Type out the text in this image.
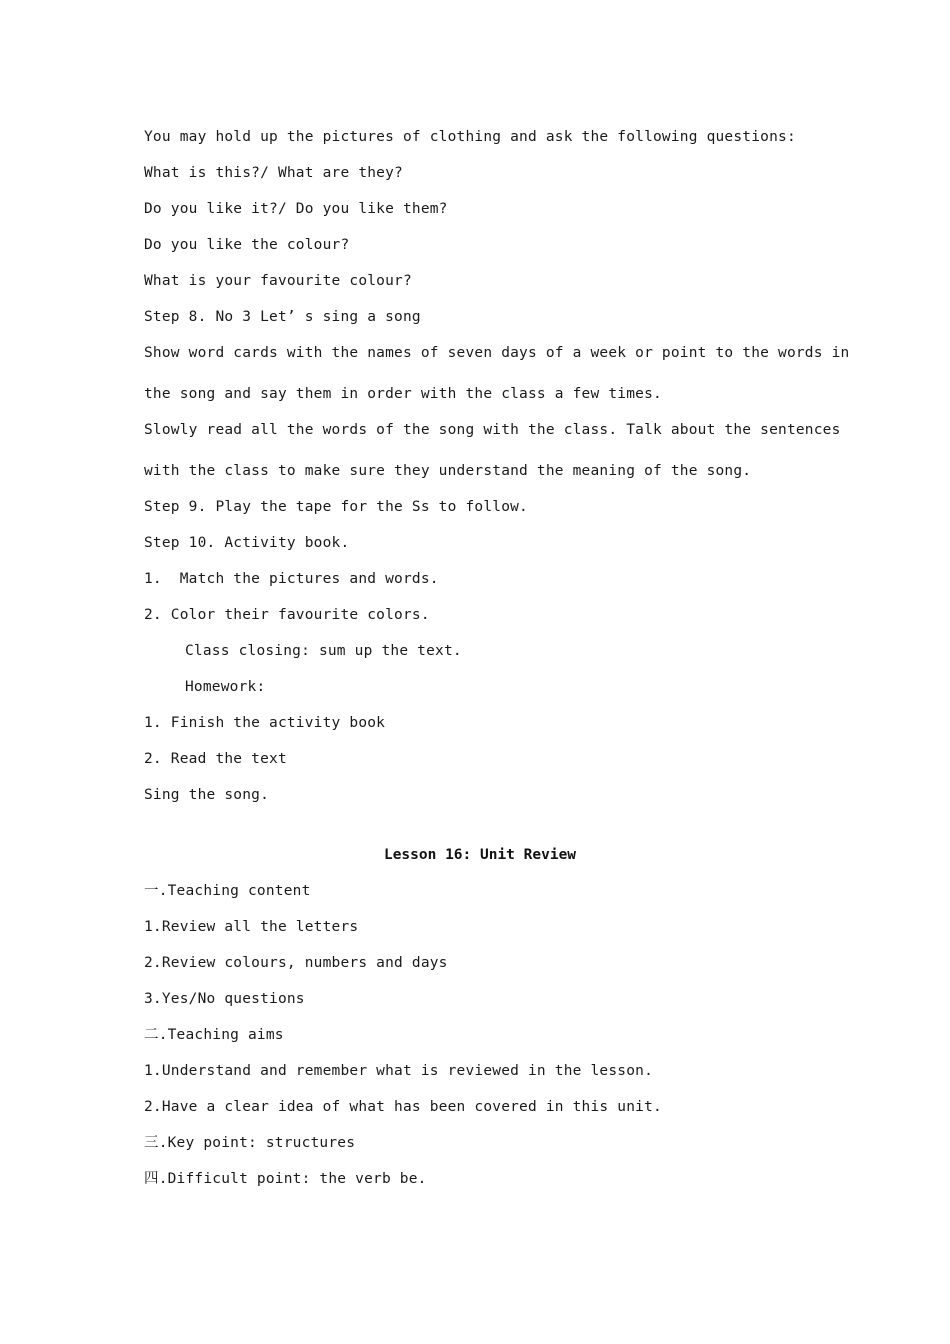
You may hold up the pictures of clothing and ask the following questions:
What is this?/ What are they?
Do you like it?/ Do you like them?
Do you like the colour?
What is your favourite colour?
Step 8. No 3 Let’ s sing a song
Show word cards with the names of seven days of a week or point to the words in
the song and say them in order with the class a few times.
Slowly read all the words of the song with the class. Talk about the sentences
with the class to make sure they understand the meaning of the song.
Step 9. Play the tape for the Ss to follow.
Step 10. Activity book.
1.  Match the pictures and words.
2. Color their favourite colors.
Class closing: sum up the text.
Homework:
1. Finish the activity book
2. Read the text
Sing the song.
Lesson 16: Unit Review
一.Teaching content
1.Review all the letters
2.Review colours, numbers and days
3.Yes/No questions
二.Teaching aims
1.Understand and remember what is reviewed in the lesson.
2.Have a clear idea of what has been covered in this unit.
三.Key point: structures
四.Difficult point: the verb be.
